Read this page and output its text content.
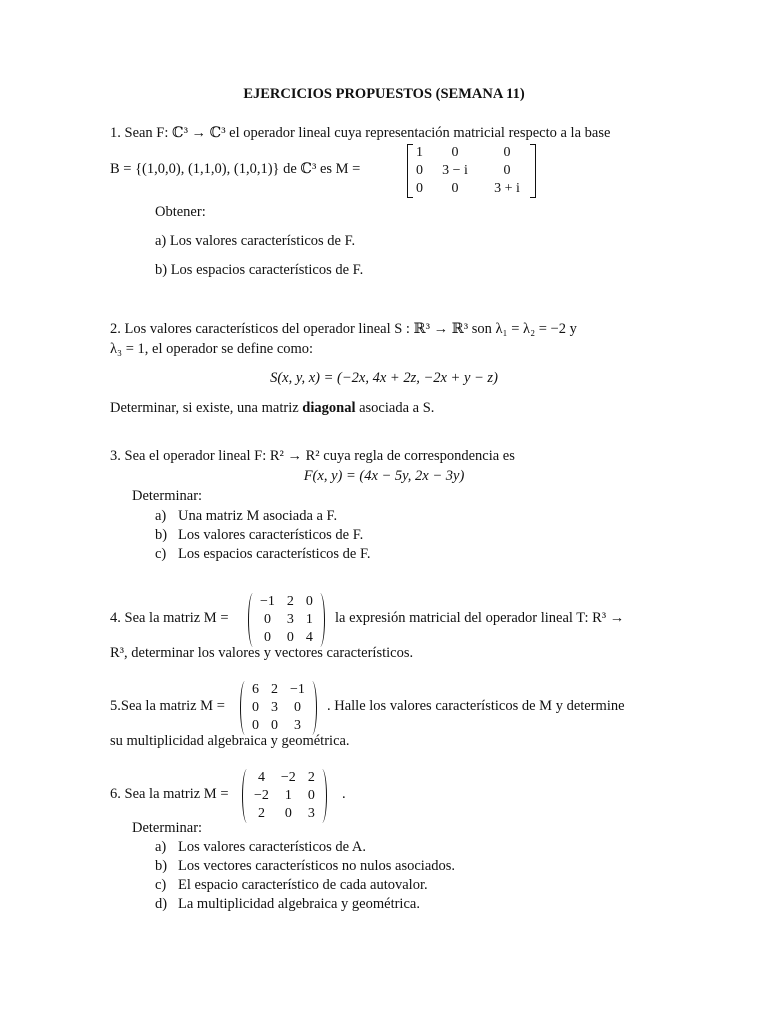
EJERCICIOS PROPUESTOS (SEMANA 11)
1. Sean F: ℂ³ → ℂ³ el operador lineal cuya representación matricial respecto a la base
B = {(1,0,0), (1,1,0), (1,0,1)} de ℂ³ es M =
1	0	0
0	3 − i	0
0	0	3 + i
Obtener:
a) Los valores característicos de F.
b) Los espacios característicos de F.
2. Los valores característicos del operador lineal S : ℝ³ → ℝ³ son λ₁ = λ₂ = −2 y
λ₃ = 1, el operador se define como:
S(x, y, x) = (−2x, 4x + 2z, −2x + y − z)
Determinar, si existe, una matriz diagonal asociada a S.
3. Sea el operador lineal F: R² → R² cuya regla de correspondencia es
F(x, y) = (4x − 5y, 2x − 3y)
Determinar:
a) Una matriz M asociada a F.
b) Los valores característicos de F.
c) Los espacios característicos de F.
4. Sea la matriz M =
−1	2	0
0	3	1
0	0	4
la expresión matricial del operador lineal T: R³ →
R³, determinar los valores y vectores característicos.
5.Sea la matriz M =
6	2	−1
0	3	0
0	0	3
. Halle los valores característicos de M y determine
su multiplicidad algebraica y geométrica.
6. Sea la matriz M =
4	−2	2
−2	1	0
2	0	3
.
Determinar:
a) Los valores característicos de A.
b) Los vectores característicos no nulos asociados.
c) El espacio característico de cada autovalor.
d) La multiplicidad algebraica y geométrica.
